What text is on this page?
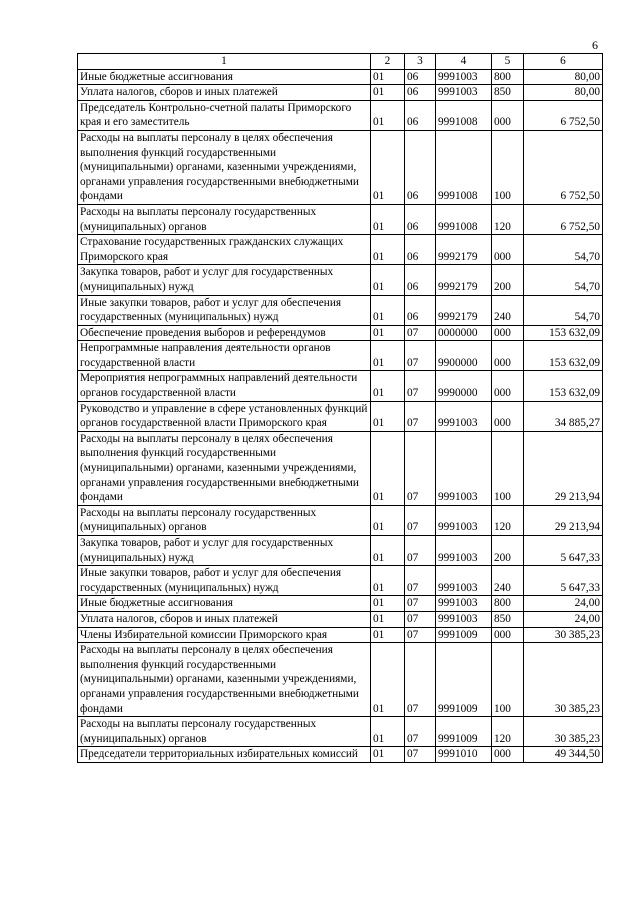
6
1	2	3	4	5	6
Иные бюджетные ассигнования	01	06	9991003	800	80,00
Уплата налогов, сборов и иных платежей	01	06	9991003	850	80,00
Председатель Контрольно-счетной палаты Приморского края и его заместитель	01	06	9991008	000	6 752,50
Расходы на выплаты персоналу в целях обеспечения выполнения функций государственными (муниципальными) органами, казенными учреждениями, органами управления государственными внебюджетными фондами	01	06	9991008	100	6 752,50
Расходы на выплаты персоналу государственных (муниципальных) органов	01	06	9991008	120	6 752,50
Страхование государственных гражданских служащих Приморского края	01	06	9992179	000	54,70
Закупка товаров, работ и услуг для государственных (муниципальных) нужд	01	06	9992179	200	54,70
Иные закупки товаров, работ и услуг для обеспечения государственных (муниципальных) нужд	01	06	9992179	240	54,70
Обеспечение проведения выборов и референдумов	01	07	0000000	000	153 632,09
Непрограммные направления деятельности органов государственной власти	01	07	9900000	000	153 632,09
Мероприятия непрограммных направлений деятельности органов государственной власти	01	07	9990000	000	153 632,09
Руководство и управление в сфере установленных функций органов государственной власти Приморского края	01	07	9991003	000	34 885,27
Расходы на выплаты персоналу в целях обеспечения выполнения функций государственными (муниципальными) органами, казенными учреждениями, органами управления государственными внебюджетными фондами	01	07	9991003	100	29 213,94
Расходы на выплаты персоналу государственных (муниципальных) органов	01	07	9991003	120	29 213,94
Закупка товаров, работ и услуг для государственных (муниципальных) нужд	01	07	9991003	200	5 647,33
Иные закупки товаров, работ и услуг для обеспечения государственных (муниципальных) нужд	01	07	9991003	240	5 647,33
Иные бюджетные ассигнования	01	07	9991003	800	24,00
Уплата налогов, сборов и иных платежей	01	07	9991003	850	24,00
Члены Избирательной комиссии Приморского края	01	07	9991009	000	30 385,23
Расходы на выплаты персоналу в целях обеспечения выполнения функций государственными (муниципальными) органами, казенными учреждениями, органами управления государственными внебюджетными фондами	01	07	9991009	100	30 385,23
Расходы на выплаты персоналу государственных (муниципальных) органов	01	07	9991009	120	30 385,23
Председатели территориальных избирательных комиссий	01	07	9991010	000	49 344,50
